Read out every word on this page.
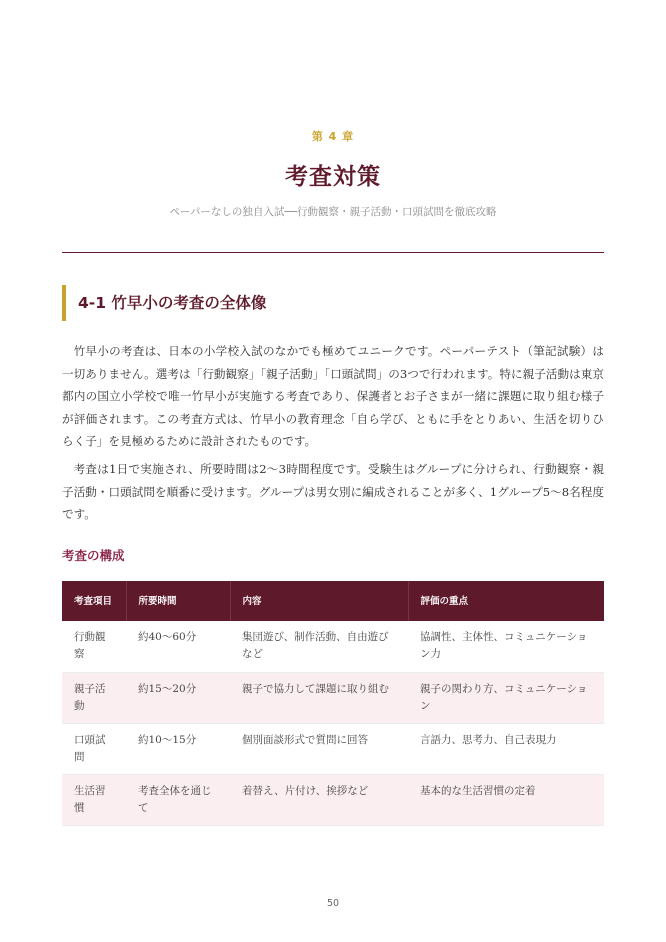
第 4 章
考査対策
ペーパーなしの独自入試──行動観察・親子活動・口頭試問を徹底攻略
4-1 竹早小の考査の全体像

竹早小の考査は、日本の小学校入試のなかでも極めてユニークです。ペーパーテスト（筆記試験）は一切ありません。選考は「行動観察」「親子活動」「口頭試問」の3つで行われます。特に親子活動は東京都内の国立小学校で唯一竹早小が実施する考査であり、保護者とお子さまが一緒に課題に取り組む様子が評価されます。この考査方式は、竹早小の教育理念「自ら学び、ともに手をとりあい、生活を切りひらく子」を見極めるために設計されたものです。

考査は1日で実施され、所要時間は2〜3時間程度です。受験生はグループに分けられ、行動観察・親子活動・口頭試問を順番に受けます。グループは男女別に編成されることが多く、1グループ5〜8名程度です。

考査の構成
考査項目	所要時間	内容	評価の重点
行動観察	約40〜60分	集団遊び、制作活動、自由遊びなど	協調性、主体性、コミュニケーション力
親子活動	約15〜20分	親子で協力して課題に取り組む	親子の関わり方、コミュニケーション
口頭試問	約10〜15分	個別面談形式で質問に回答	言語力、思考力、自己表現力
生活習慣	考査全体を通じて	着替え、片付け、挨拶など	基本的な生活習慣の定着
50
